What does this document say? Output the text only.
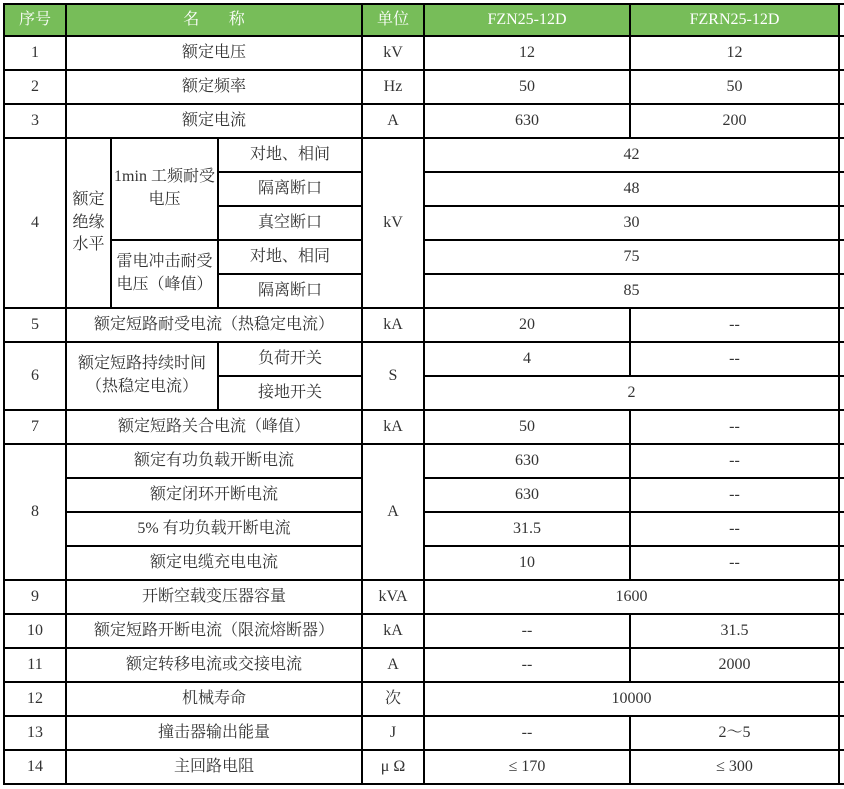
序号	名 称			单位	FZN25-12D	FZRN25-12D	
1	额定电压			kV	12	12	
2	额定频率			Hz	50	50	
3	额定电流			A	630	200	
4	额定绝缘水平	1min 工频耐受电压	对地、相间	kV	42		
			隔离断口		48		
			真空断口		30		
		雷电冲击耐受电压（峰值）	对地、相同		75		
			隔离断口		85		
5	额定短路耐受电流（热稳定电流）			kA	20	--	
6	额定短路持续时间（热稳定电流）		负荷开关	S	4	--	
			接地开关		2		
7	额定短路关合电流（峰值）			kA	50	--	
8	额定有功负载开断电流			A	630	--	
	额定闭环开断电流				630	--	
	5% 有功负载开断电流				31.5	--	
	额定电缆充电电流				10	--	
9	开断空载变压器容量			kVA	1600		
10	额定短路开断电流（限流熔断器）			kA	--	31.5	
11	额定转移电流或交接电流			A	--	2000	
12	机械寿命			次	10000		
13	撞击器输出能量			J	--	2～5	
14	主回路电阻			μ Ω	≤ 170	≤ 300	
